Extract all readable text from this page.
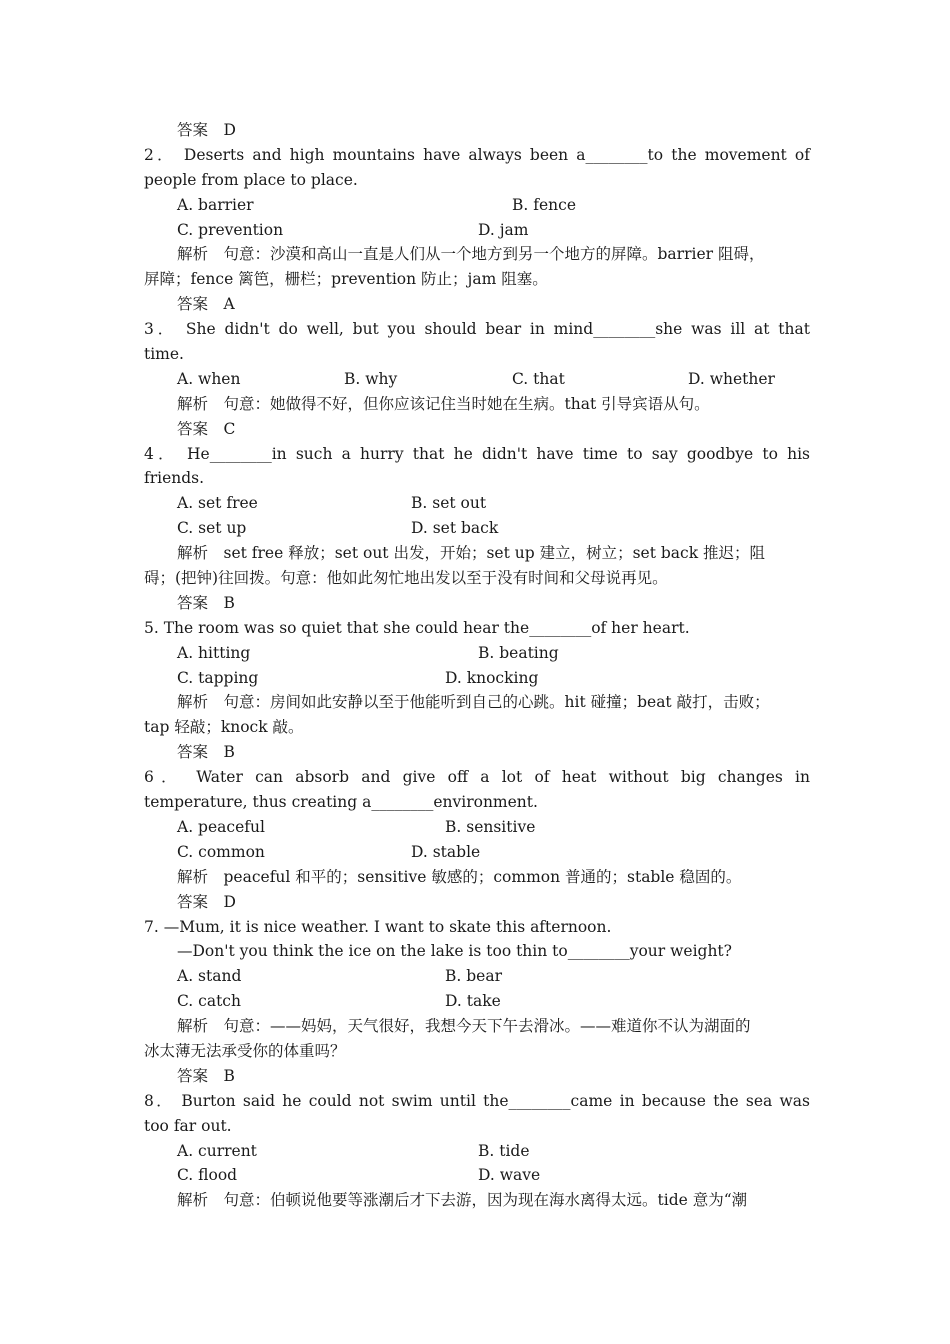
答案　D
2． Deserts and high mountains have always been a________to the movement of
people from place to place.

A. barrier

	B. fence

C. prevention

	D. jam

解析　句意：沙漠和高山一直是人们从一个地方到另一个地方的屏障。barrier 阻碍，
屏障；fence 篱笆，栅栏；prevention 防止；jam 阻塞。
答案　A
3． She didn't do well, but you should bear in mind________she was ill at that
time.

A. when

	B. why

	C. that

	D. whether

解析　句意：她做得不好，但你应该记住当时她在生病。that 引导宾语从句。
答案　C
4． He________in such a hurry that he didn't have time to say goodbye to his
friends.

A. set free

	B. set out

C. set up

	D. set back

解析　set free 释放；set out 出发，开始；set up 建立，树立；set back 推迟；阻
碍；(把钟)往回拨。句意：他如此匆忙地出发以至于没有时间和父母说再见。
答案　B
5. The room was so quiet that she could hear the________of her heart.

A. hitting

	B. beating

C. tapping

	D. knocking

解析　句意：房间如此安静以至于他能听到自己的心跳。hit 碰撞；beat 敲打，击败；
tap 轻敲；knock 敲。
答案　B
6． Water can absorb and give off a lot of heat without big changes in
temperature, thus creating a________environment.

A. peaceful

	B. sensitive

C. common

	D. stable

解析　peaceful 和平的；sensitive 敏感的；common 普通的；stable 稳固的。
答案　D
7. —Mum, it is nice weather. I want to skate this afternoon.
—Don't you think the ice on the lake is too thin to________your weight?

A. stand

	B. bear

C. catch

	D. take

解析　句意：——妈妈，天气很好，我想今天下午去滑冰。——难道你不认为湖面的
冰太薄无法承受你的体重吗？
答案　B
8． Burton said he could not swim until the________came in because the sea was
too far out.

A. current

	B. tide

C. flood

	D. wave

解析　句意：伯顿说他要等涨潮后才下去游，因为现在海水离得太远。tide 意为“潮
